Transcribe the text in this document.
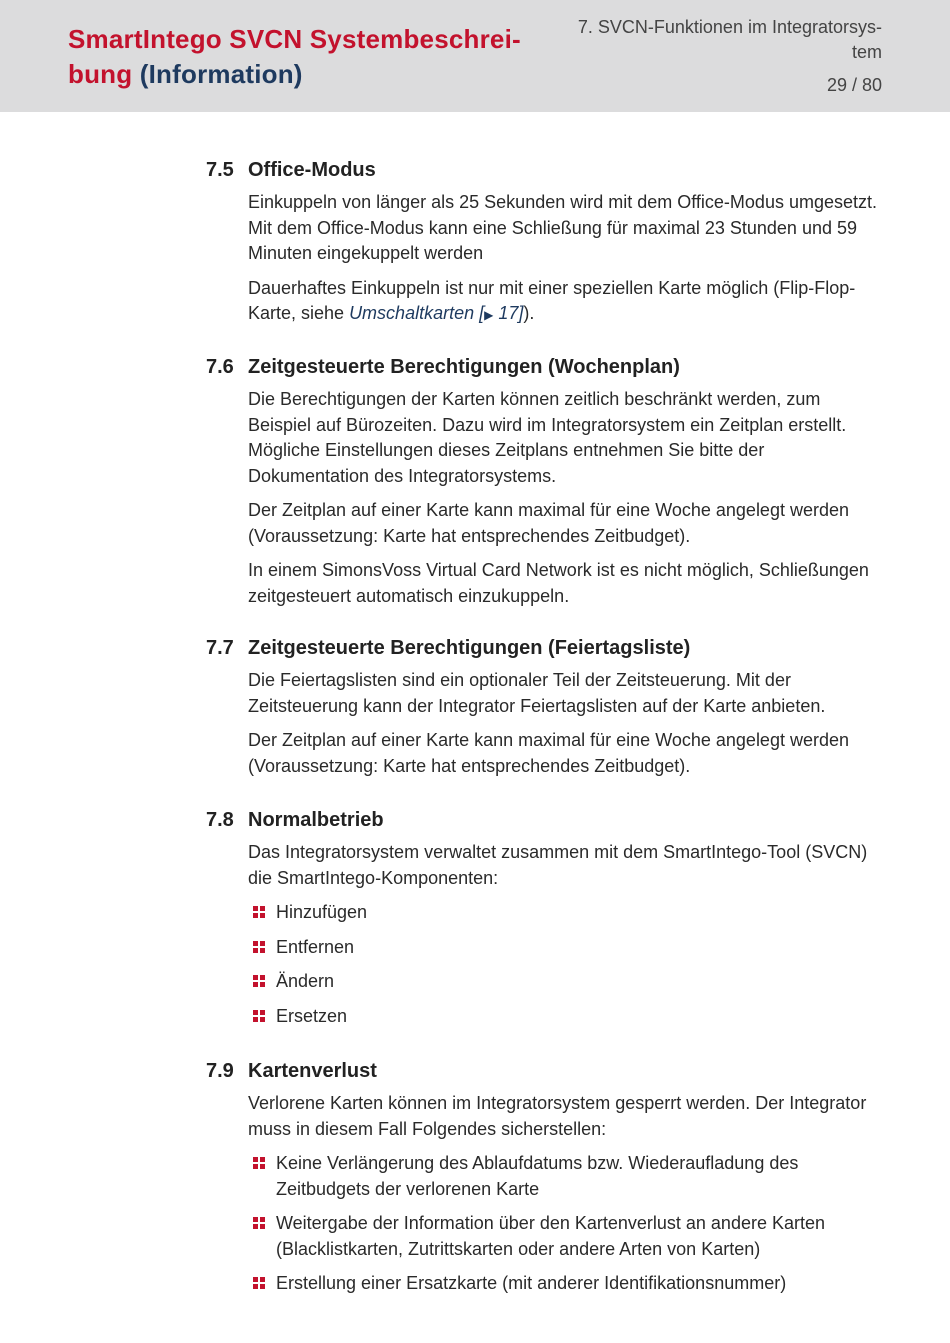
SmartIntego SVCN Systembeschrei- bung (Information)
7. SVCN-Funktionen im Integratorsys- tem
29 / 80
7.5 Office-Modus

Einkuppeln von länger als 25 Sekunden wird mit dem Office-Modus umgesetzt. Mit dem Office-Modus kann eine Schließung für maximal 23 Stunden und 59 Minuten eingekuppelt werden

Dauerhaftes Einkuppeln ist nur mit einer speziellen Karte möglich (Flip-Flop-Karte, siehe Umschaltkarten [▶ 17]).

7.6 Zeitgesteuerte Berechtigungen (Wochenplan)

Die Berechtigungen der Karten können zeitlich beschränkt werden, zum Beispiel auf Bürozeiten. Dazu wird im Integratorsystem ein Zeitplan erstellt. Mögliche Einstellungen dieses Zeitplans entnehmen Sie bitte der Dokumentation des Integratorsystems.

Der Zeitplan auf einer Karte kann maximal für eine Woche angelegt werden (Voraussetzung: Karte hat entsprechendes Zeitbudget).

In einem SimonsVoss Virtual Card Network ist es nicht möglich, Schließungen zeitgesteuert automatisch einzukuppeln.

7.7 Zeitgesteuerte Berechtigungen (Feiertagsliste)

Die Feiertagslisten sind ein optionaler Teil der Zeitsteuerung. Mit der Zeitsteuerung kann der Integrator Feiertagslisten auf der Karte anbieten.

Der Zeitplan auf einer Karte kann maximal für eine Woche angelegt werden (Voraussetzung: Karte hat entsprechendes Zeitbudget).

7.8 Normalbetrieb

Das Integratorsystem verwaltet zusammen mit dem SmartIntego-Tool (SVCN) die SmartIntego-Komponenten:

Hinzufügen
Entfernen
Ändern
Ersetzen
7.9 Kartenverlust

Verlorene Karten können im Integratorsystem gesperrt werden. Der Integrator muss in diesem Fall Folgendes sicherstellen:

Keine Verlängerung des Ablaufdatums bzw. Wiederaufladung des Zeitbudgets der verlorenen Karte
Weitergabe der Information über den Kartenverlust an andere Karten (Blacklistkarten, Zutrittskarten oder andere Arten von Karten)
Erstellung einer Ersatzkarte (mit anderer Identifikationsnummer)
